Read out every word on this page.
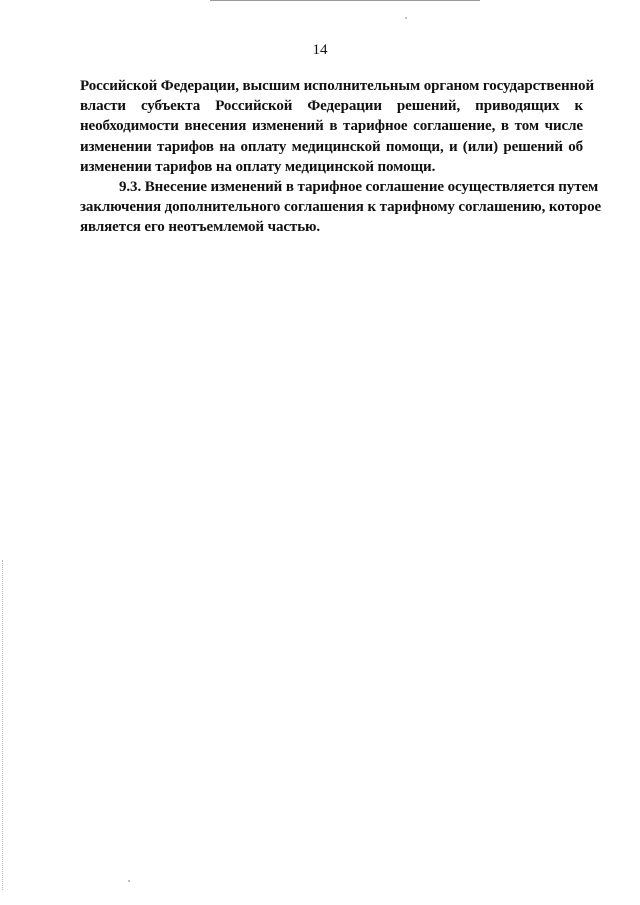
14
Российской Федерации, высшим исполнительным органом государственной
власти субъекта Российской Федерации решений, приводящих к
необходимости внесения изменений в тарифное соглашение, в том числе
изменении тарифов на оплату медицинской помощи, и (или) решений об
изменении тарифов на оплату медицинской помощи.
9.3. Внесение изменений в тарифное соглашение осуществляется путем
заключения дополнительного соглашения к тарифному соглашению, которое
является его неотъемлемой частью.
